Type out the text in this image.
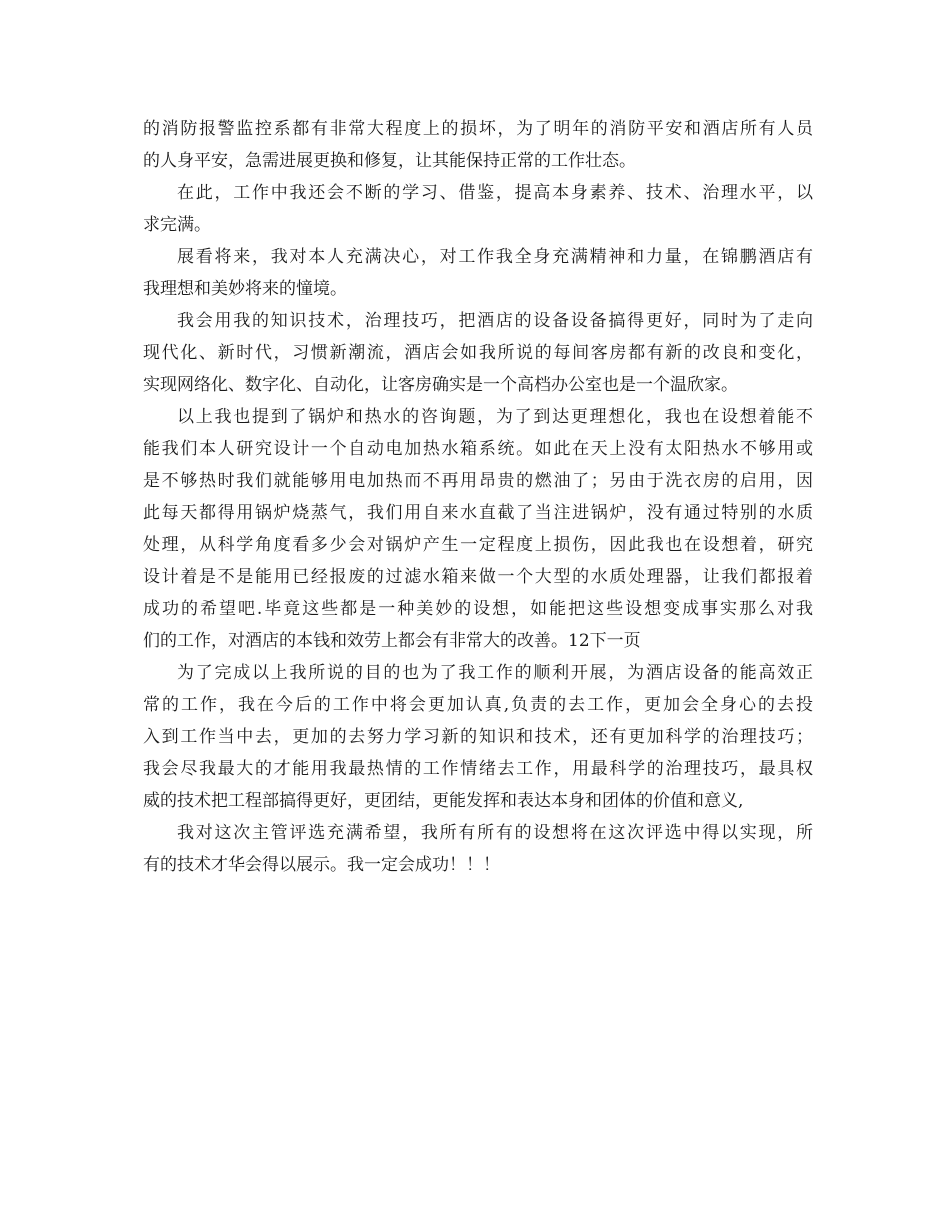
的消防报警监控系都有非常大程度上的损坏，为了明年的消防平安和酒店所有人员
的人身平安，急需进展更换和修复，让其能保持正常的工作壮态。
在此，工作中我还会不断的学习、借鉴，提高本身素养、技术、治理水平，以
求完满。
展看将来，我对本人充满决心，对工作我全身充满精神和力量，在锦鹏酒店有
我理想和美妙将来的憧境。
我会用我的知识技术，治理技巧，把酒店的设备设备搞得更好，同时为了走向
现代化、新时代，习惯新潮流，酒店会如我所说的每间客房都有新的改良和变化，
实现网络化、数字化、自动化，让客房确实是一个高档办公室也是一个温欣家。
以上我也提到了锅炉和热水的咨询题，为了到达更理想化，我也在设想着能不
能我们本人研究设计一个自动电加热水箱系统。如此在天上没有太阳热水不够用或
是不够热时我们就能够用电加热而不再用昂贵的燃油了；另由于洗衣房的启用，因
此每天都得用锅炉烧蒸气，我们用自来水直截了当注进锅炉，没有通过特别的水质
处理，从科学角度看多少会对锅炉产生一定程度上损伤，因此我也在设想着，研究
设计着是不是能用已经报废的过滤水箱来做一个大型的水质处理器，让我们都报着
成功的希望吧.毕竟这些都是一种美妙的设想，如能把这些设想变成事实那么对我
们的工作，对酒店的本钱和效劳上都会有非常大的改善。12下一页
为了完成以上我所说的目的也为了我工作的顺利开展，为酒店设备的能高效正
常的工作，我在今后的工作中将会更加认真,负责的去工作，更加会全身心的去投
入到工作当中去，更加的去努力学习新的知识和技术，还有更加科学的治理技巧；
我会尽我最大的才能用我最热情的工作情绪去工作，用最科学的治理技巧，最具权
威的技术把工程部搞得更好，更团结，更能发挥和表达本身和团体的价值和意义,
我对这次主管评选充满希望，我所有所有的设想将在这次评选中得以实现，所
有的技术才华会得以展示。我一定会成功！！！
